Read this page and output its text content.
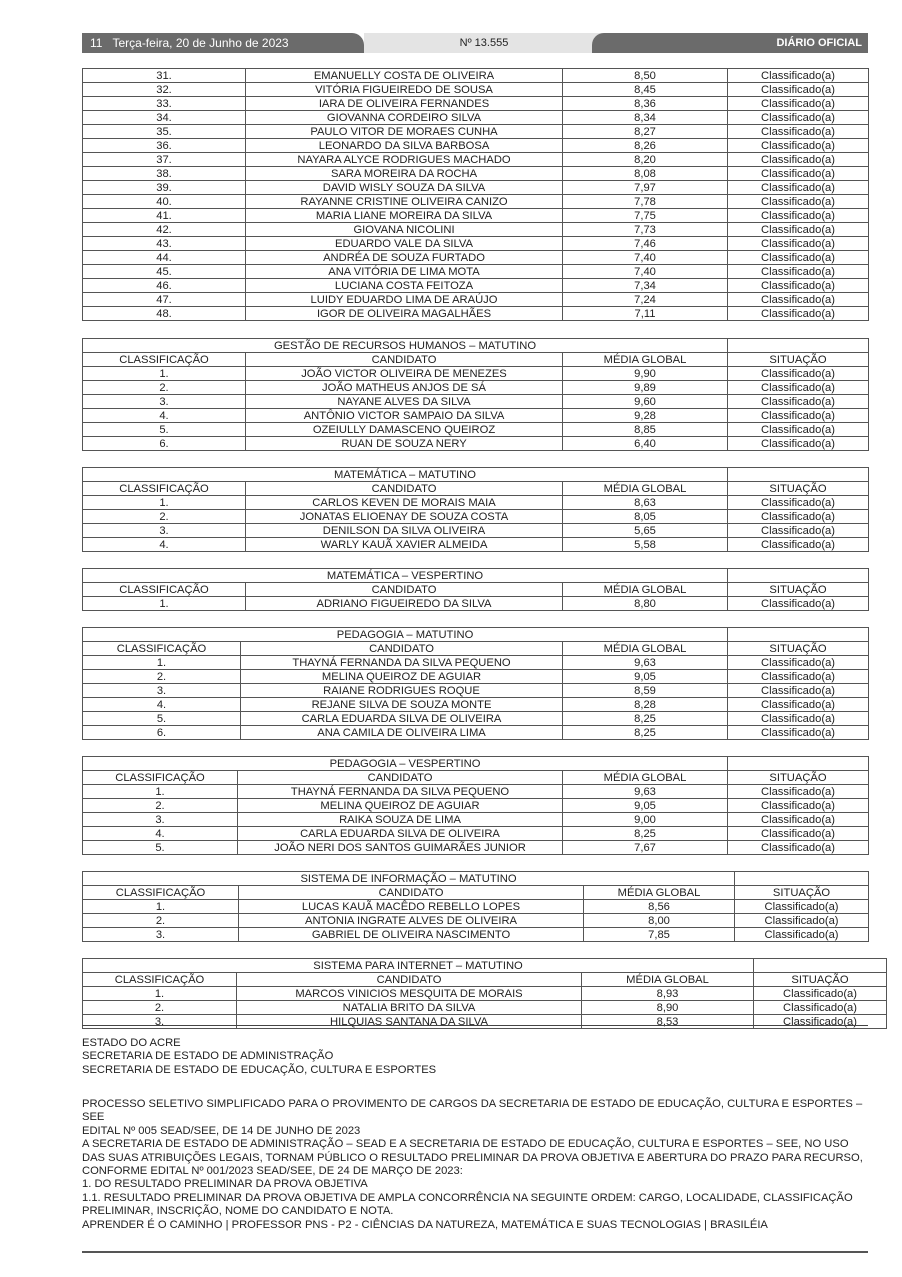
11 Terça-feira, 20 de Junho de 2023	Nº 13.555	DIÁRIO OFICIAL
31.	EMANUELLY COSTA DE OLIVEIRA	8,50	Classificado(a)
32.	VITÓRIA FIGUEIREDO DE SOUSA	8,45	Classificado(a)
33.	IARA DE OLIVEIRA FERNANDES	8,36	Classificado(a)
34.	GIOVANNA CORDEIRO SILVA	8,34	Classificado(a)
35.	PAULO VITOR DE MORAES CUNHA	8,27	Classificado(a)
36.	LEONARDO DA SILVA BARBOSA	8,26	Classificado(a)
37.	NAYARA ALYCE RODRIGUES MACHADO	8,20	Classificado(a)
38.	SARA MOREIRA DA ROCHA	8,08	Classificado(a)
39.	DAVID WISLY SOUZA DA SILVA	7,97	Classificado(a)
40.	RAYANNE CRISTINE OLIVEIRA CANIZO	7,78	Classificado(a)
41.	MARIA LIANE MOREIRA DA SILVA	7,75	Classificado(a)
42.	GIOVANA NICOLINI	7,73	Classificado(a)
43.	EDUARDO VALE DA SILVA	7,46	Classificado(a)
44.	ANDRÉA DE SOUZA FURTADO	7,40	Classificado(a)
45.	ANA VITÓRIA DE LIMA MOTA	7,40	Classificado(a)
46.	LUCIANA COSTA FEITOZA	7,34	Classificado(a)
47.	LUIDY EDUARDO LIMA DE ARAÚJO	7,24	Classificado(a)
48.	IGOR DE OLIVEIRA MAGALHÃES	7,11	Classificado(a)
GESTÃO DE RECURSOS HUMANOS – MATUTINO			
CLASSIFICAÇÃO	CANDIDATO	MÉDIA GLOBAL	SITUAÇÃO
1.	JOÃO VICTOR OLIVEIRA DE MENEZES	9,90	Classificado(a)
2.	JOÃO MATHEUS ANJOS DE SÁ	9,89	Classificado(a)
3.	NAYANE ALVES DA SILVA	9,60	Classificado(a)
4.	ANTÔNIO VICTOR SAMPAIO DA SILVA	9,28	Classificado(a)
5.	OZEIULLY DAMASCENO QUEIROZ	8,85	Classificado(a)
6.	RUAN DE SOUZA NERY	6,40	Classificado(a)
MATEMÁTICA – MATUTINO			
CLASSIFICAÇÃO	CANDIDATO	MÉDIA GLOBAL	SITUAÇÃO
1.	CARLOS KEVEN DE MORAIS MAIA	8,63	Classificado(a)
2.	JONATAS ELIOENAY DE SOUZA COSTA	8,05	Classificado(a)
3.	DENILSON DA SILVA OLIVEIRA	5,65	Classificado(a)
4.	WARLY KAUÃ XAVIER ALMEIDA	5,58	Classificado(a)
MATEMÁTICA – VESPERTINO			
CLASSIFICAÇÃO	CANDIDATO	MÉDIA GLOBAL	SITUAÇÃO
1.	ADRIANO FIGUEIREDO DA SILVA	8,80	Classificado(a)
PEDAGOGIA – MATUTINO			
CLASSIFICAÇÃO	CANDIDATO	MÉDIA GLOBAL	SITUAÇÃO
1.	THAYNÁ FERNANDA DA SILVA PEQUENO	9,63	Classificado(a)
2.	MELINA QUEIROZ DE AGUIAR	9,05	Classificado(a)
3.	RAIANE RODRIGUES ROQUE	8,59	Classificado(a)
4.	REJANE SILVA DE SOUZA MONTE	8,28	Classificado(a)
5.	CARLA EDUARDA SILVA DE OLIVEIRA	8,25	Classificado(a)
6.	ANA CAMILA DE OLIVEIRA LIMA	8,25	Classificado(a)
PEDAGOGIA – VESPERTINO			
CLASSIFICAÇÃO	CANDIDATO	MÉDIA GLOBAL	SITUAÇÃO
1.	THAYNÁ FERNANDA DA SILVA PEQUENO	9,63	Classificado(a)
2.	MELINA QUEIROZ DE AGUIAR	9,05	Classificado(a)
3.	RAIKA SOUZA DE LIMA	9,00	Classificado(a)
4.	CARLA EDUARDA SILVA DE OLIVEIRA	8,25	Classificado(a)
5.	JOÃO NERI DOS SANTOS GUIMARÃES JUNIOR	7,67	Classificado(a)
SISTEMA DE INFORMAÇÃO – MATUTINO			
CLASSIFICAÇÃO	CANDIDATO	MÉDIA GLOBAL	SITUAÇÃO
1.	LUCAS KAUÃ MACÊDO REBELLO LOPES	8,56	Classificado(a)
2.	ANTONIA INGRATE ALVES DE OLIVEIRA	8,00	Classificado(a)
3.	GABRIEL DE OLIVEIRA NASCIMENTO	7,85	Classificado(a)
SISTEMA PARA INTERNET – MATUTINO			
CLASSIFICAÇÃO	CANDIDATO	MÉDIA GLOBAL	SITUAÇÃO
1.	MARCOS VINICIOS MESQUITA DE MORAIS	8,93	Classificado(a)
2.	NATALIA BRITO DA SILVA	8,90	Classificado(a)
3.	HILQUIAS SANTANA DA SILVA	8,53	Classificado(a)

ESTADO DO ACRE

SECRETARIA DE ESTADO DE ADMINISTRAÇÃO

SECRETARIA DE ESTADO DE EDUCAÇÃO, CULTURA E ESPORTES

PROCESSO SELETIVO SIMPLIFICADO PARA O PROVIMENTO DE CARGOS DA SECRETARIA DE ESTADO DE EDUCAÇÃO, CULTURA E ESPORTES – SEE

EDITAL Nº 005 SEAD/SEE, DE 14 DE JUNHO DE 2023

A SECRETARIA DE ESTADO DE ADMINISTRAÇÃO – SEAD E A SECRETARIA DE ESTADO DE EDUCAÇÃO, CULTURA E ESPORTES – SEE, NO USO DAS SUAS ATRIBUIÇÕES LEGAIS, TORNAM PÚBLICO O RESULTADO PRELIMINAR DA PROVA OBJETIVA E ABERTURA DO PRAZO PARA RECURSO, CONFORME EDITAL Nº 001/2023 SEAD/SEE, DE 24 DE MARÇO DE 2023:

1. DO RESULTADO PRELIMINAR DA PROVA OBJETIVA

1.1. RESULTADO PRELIMINAR DA PROVA OBJETIVA DE AMPLA CONCORRÊNCIA NA SEGUINTE ORDEM: CARGO, LOCALIDADE, CLASSIFICAÇÃO PRELIMINAR, INSCRIÇÃO, NOME DO CANDIDATO E NOTA.

APRENDER É O CAMINHO | PROFESSOR PNS - P2 - CIÊNCIAS DA NATUREZA, MATEMÁTICA E SUAS TECNOLOGIAS | BRASILÉIA
